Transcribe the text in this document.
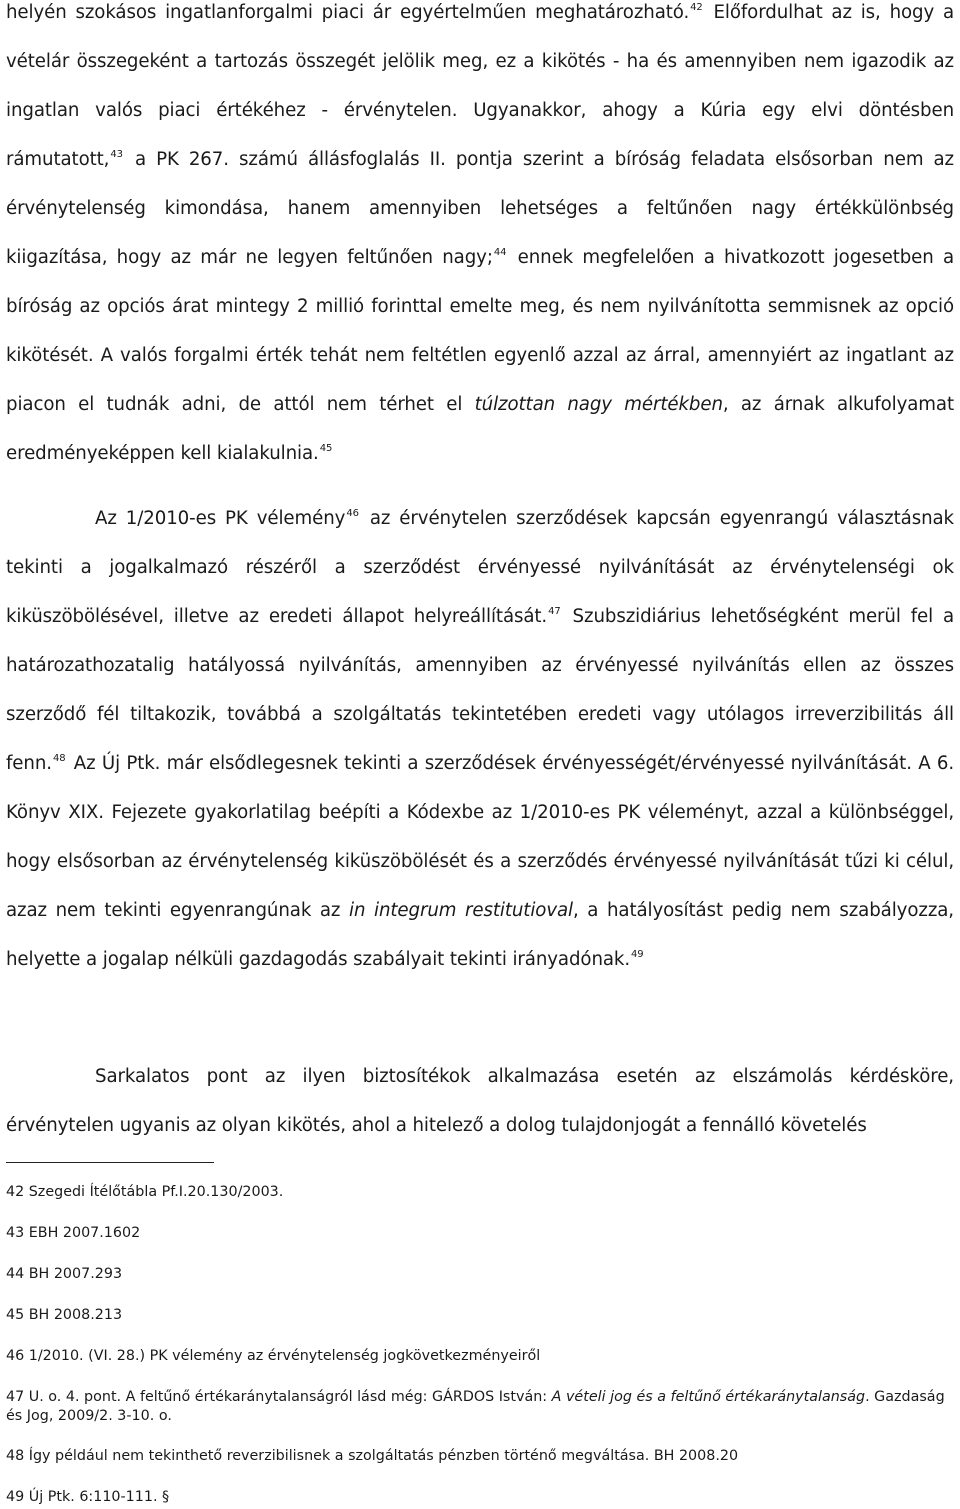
helyén szokásos ingatlanforgalmi piaci ár egyértelműen meghatározható.$^{42}$ Előfordulhat az is, hogy a vételár összegeként a tartozás összegét jelölik meg, ez a kikötés - ha és amennyiben nem igazodik az ingatlan valós piaci értékéhez - érvénytelen. Ugyanakkor, ahogy a Kúria egy elvi döntésben rámutatott,$^{43}$ a PK 267. számú állásfoglalás II. pontja szerint a bíróság feladata elsősorban nem az érvénytelenség kimondása, hanem amennyiben lehetséges a feltűnően nagy értékkülönbség kiigazítása, hogy az már ne legyen feltűnően nagy;$^{44}$ ennek megfelelően a hivatkozott jogesetben a bíróság az opciós árat mintegy 2 millió forinttal emelte meg, és nem nyilvánította semmisnek az opció kikötését. A valós forgalmi érték tehát nem feltétlen egyenlő azzal az árral, amennyiért az ingatlant az piacon el tudnák adni, de attól nem térhet el túlzottan nagy mértékben, az árnak alkufolyamat eredményeképpen kell kialakulnia.$^{45}$

Az 1/2010-es PK vélemény$^{46}$ az érvénytelen szerződések kapcsán egyenrangú választásnak tekinti a jogalkalmazó részéről a szerződést érvényessé nyilvánítását az érvénytelenségi ok kiküszöbölésével, illetve az eredeti állapot helyreállítását.$^{47}$ Szubszidiárius lehetőségként merül fel a határozathozatalig hatályossá nyilvánítás, amennyiben az érvényessé nyilvánítás ellen az összes szerződő fél tiltakozik, továbbá a szolgáltatás tekintetében eredeti vagy utólagos irreverzibilitás áll fenn.$^{48}$ Az Új Ptk. már elsődlegesnek tekinti a szerződések érvényességét/érvényessé nyilvánítását. A 6. Könyv XIX. Fejezete gyakorlatilag beépíti a Kódexbe az 1/2010-es PK véleményt, azzal a különbséggel, hogy elsősorban az érvénytelenség kiküszöbölését és a szerződés érvényessé nyilvánítását tűzi ki célul, azaz nem tekinti egyenrangúnak az in integrum restitutioval, a hatályosítást pedig nem szabályozza, helyette a jogalap nélküli gazdagodás szabályait tekinti irányadónak.$^{49}$

Sarkalatos pont az ilyen biztosítékok alkalmazása esetén az elszámolás kérdésköre, érvénytelen ugyanis az olyan kikötés, ahol a hitelező a dolog tulajdonjogát a fennálló követelés

42 Szegedi Ítélőtábla Pf.I.20.130/2003.
43 EBH 2007.1602
44 BH 2007.293
45 BH 2008.213
46 1/2010. (VI. 28.) PK vélemény az érvénytelenség jogkövetkezményeiről
47 U. o. 4. pont. A feltűnő értékaránytalanságról lásd még: GÁRDOS István: A vételi jog és a feltűnő értékaránytalanság. Gazdaság és Jog, 2009/2. 3-10. o.
48 Így például nem tekinthető reverzibilisnek a szolgáltatás pénzben történő megváltása. BH 2008.20
49 Új Ptk. 6:110-111. §
